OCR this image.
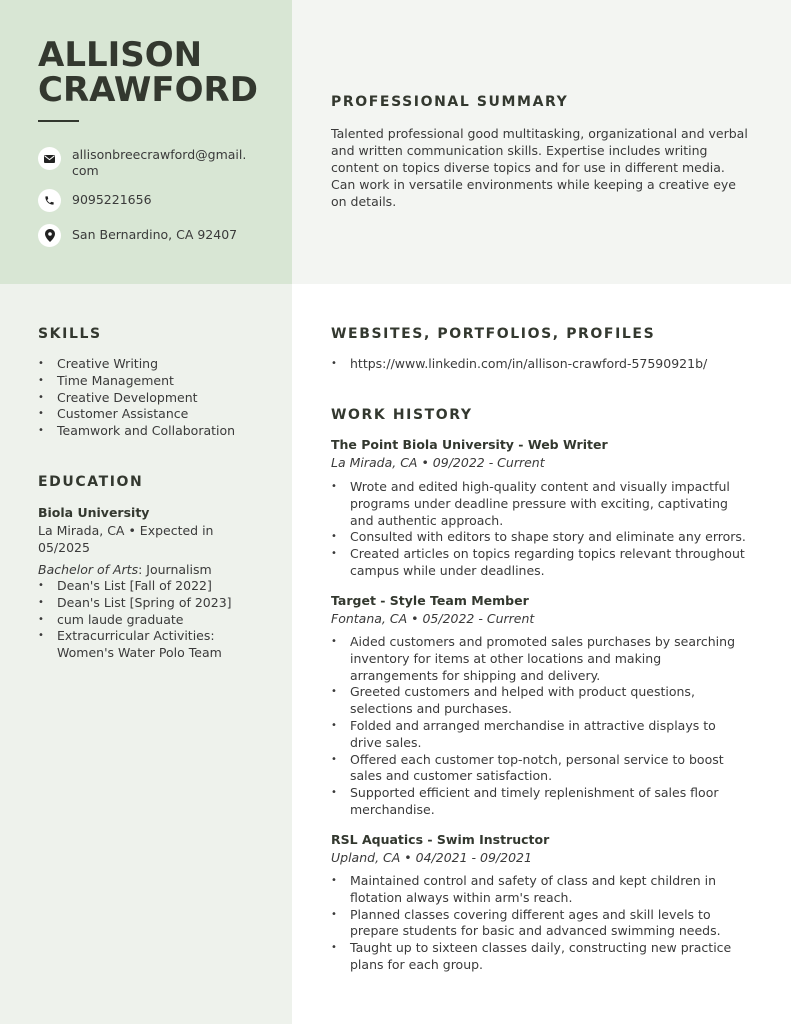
ALLISON
CRAWFORD
allisonbreecrawford@gmail.com
9095221656
San Bernardino, CA 92407
PROFESSIONAL SUMMARY

Talented professional good multitasking, organizational and verbal and written communication skills. Expertise includes writing content on topics diverse topics and for use in different media. Can work in versatile environments while keeping a creative eye on details.

SKILLS
• Creative Writing
• Time Management
• Creative Development
• Customer Assistance
• Teamwork and Collaboration
EDUCATION
Biola University
La Mirada, CA • Expected in 05/2025
Bachelor of Arts: Journalism
• Dean's List [Fall of 2022]
• Dean's List [Spring of 2023]
• cum laude graduate
• Extracurricular Activities: Women's Water Polo Team
WEBSITES, PORTFOLIOS, PROFILES
• https://www.linkedin.com/in/allison-crawford-57590921b/
WORK HISTORY
The Point Biola University - Web Writer
La Mirada, CA • 09/2022 - Current
• Wrote and edited high-quality content and visually impactful programs under deadline pressure with exciting, captivating and authentic approach.
• Consulted with editors to shape story and eliminate any errors.
• Created articles on topics regarding topics relevant throughout campus while under deadlines.
Target - Style Team Member
Fontana, CA • 05/2022 - Current
• Aided customers and promoted sales purchases by searching inventory for items at other locations and making arrangements for shipping and delivery.
• Greeted customers and helped with product questions, selections and purchases.
• Folded and arranged merchandise in attractive displays to drive sales.
• Offered each customer top-notch, personal service to boost sales and customer satisfaction.
• Supported efficient and timely replenishment of sales floor merchandise.
RSL Aquatics - Swim Instructor
Upland, CA • 04/2021 - 09/2021
• Maintained control and safety of class and kept children in flotation always within arm's reach.
• Planned classes covering different ages and skill levels to prepare students for basic and advanced swimming needs.
• Taught up to sixteen classes daily, constructing new practice plans for each group.
